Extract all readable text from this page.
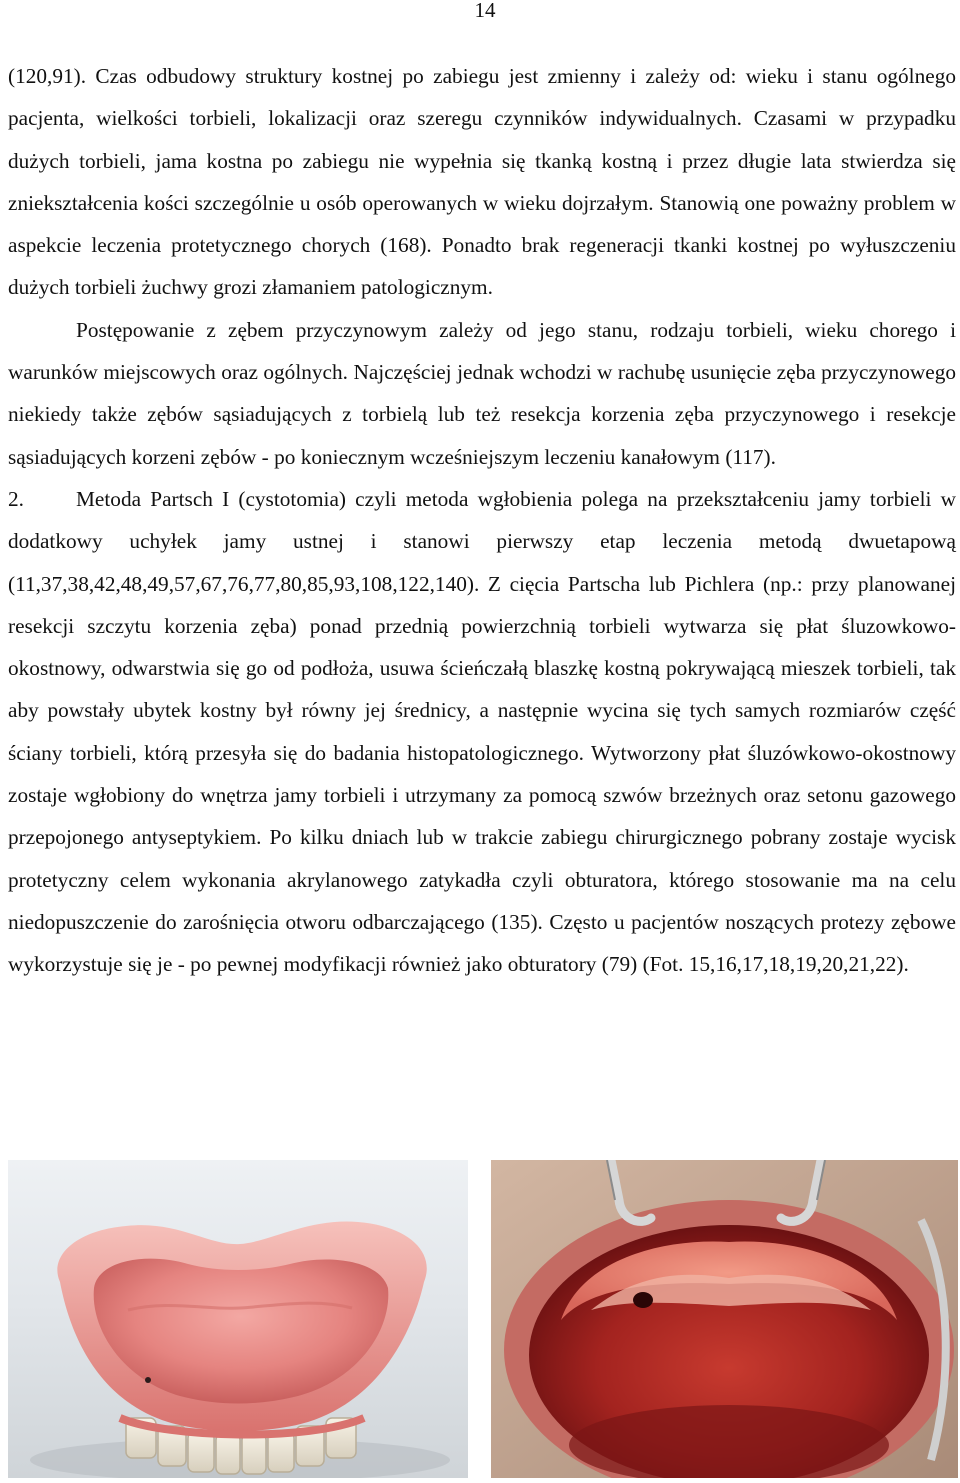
14

(120,91). Czas odbudowy struktury kostnej po zabiegu jest zmienny i zależy od: wieku i stanu ogólnego pacjenta, wielkości torbieli, lokalizacji oraz szeregu czynników indywidualnych. Czasami w przypadku dużych torbieli, jama kostna po zabiegu nie wypełnia się tkanką kostną i przez długie lata stwierdza się zniekształcenia kości szczególnie u osób operowanych w wieku dojrzałym. Stanowią one poważny problem w aspekcie leczenia protetycznego chorych (168). Ponadto brak regeneracji tkanki kostnej po wyłuszczeniu dużych torbieli żuchwy grozi złamaniem patologicznym.

Postępowanie z zębem przyczynowym zależy od jego stanu, rodzaju torbieli, wieku chorego i warunków miejscowych oraz ogólnych. Najczęściej jednak wchodzi w rachubę usunięcie zęba przyczynowego niekiedy także zębów sąsiadujących z torbielą lub też resekcja korzenia zęba przyczynowego i resekcje sąsiadujących korzeni zębów - po koniecznym wcześniejszym leczeniu kanałowym (117).

2. Metoda Partsch I (cystotomia) czyli metoda wgłobienia polega na przekształceniu jamy torbieli w dodatkowy uchyłek jamy ustnej i stanowi pierwszy etap leczenia metodą dwuetapową (11,37,38,42,48,49,57,67,76,77,80,85,93,108,122,140). Z cięcia Partscha lub Pichlera (np.: przy planowanej resekcji szczytu korzenia zęba) ponad przednią powierzchnią torbieli wytwarza się płat śluzowkowo-okostnowy, odwarstwia się go od podłoża, usuwa ścieńczałą blaszkę kostną pokrywającą mieszek torbieli, tak aby powstały ubytek kostny był równy jej średnicy, a następnie wycina się tych samych rozmiarów część ściany torbieli, którą przesyła się do badania histopatologicznego. Wytworzony płat śluzówkowo-okostnowy zostaje wgłobiony do wnętrza jamy torbieli i utrzymany za pomocą szwów brzeżnych oraz setonu gazowego przepojonego antyseptykiem. Po kilku dniach lub w trakcie zabiegu chirurgicznego pobrany zostaje wycisk protetyczny celem wykonania akrylanowego zatykadła czyli obturatora, którego stosowanie ma na celu niedopuszczenie do zarośnięcia otworu odbarczającego (135). Często u pacjentów noszących protezy zębowe wykorzystuje się je - po pewnej modyfikacji również jako obturatory (79) (Fot. 15,16,17,18,19,20,21,22).
